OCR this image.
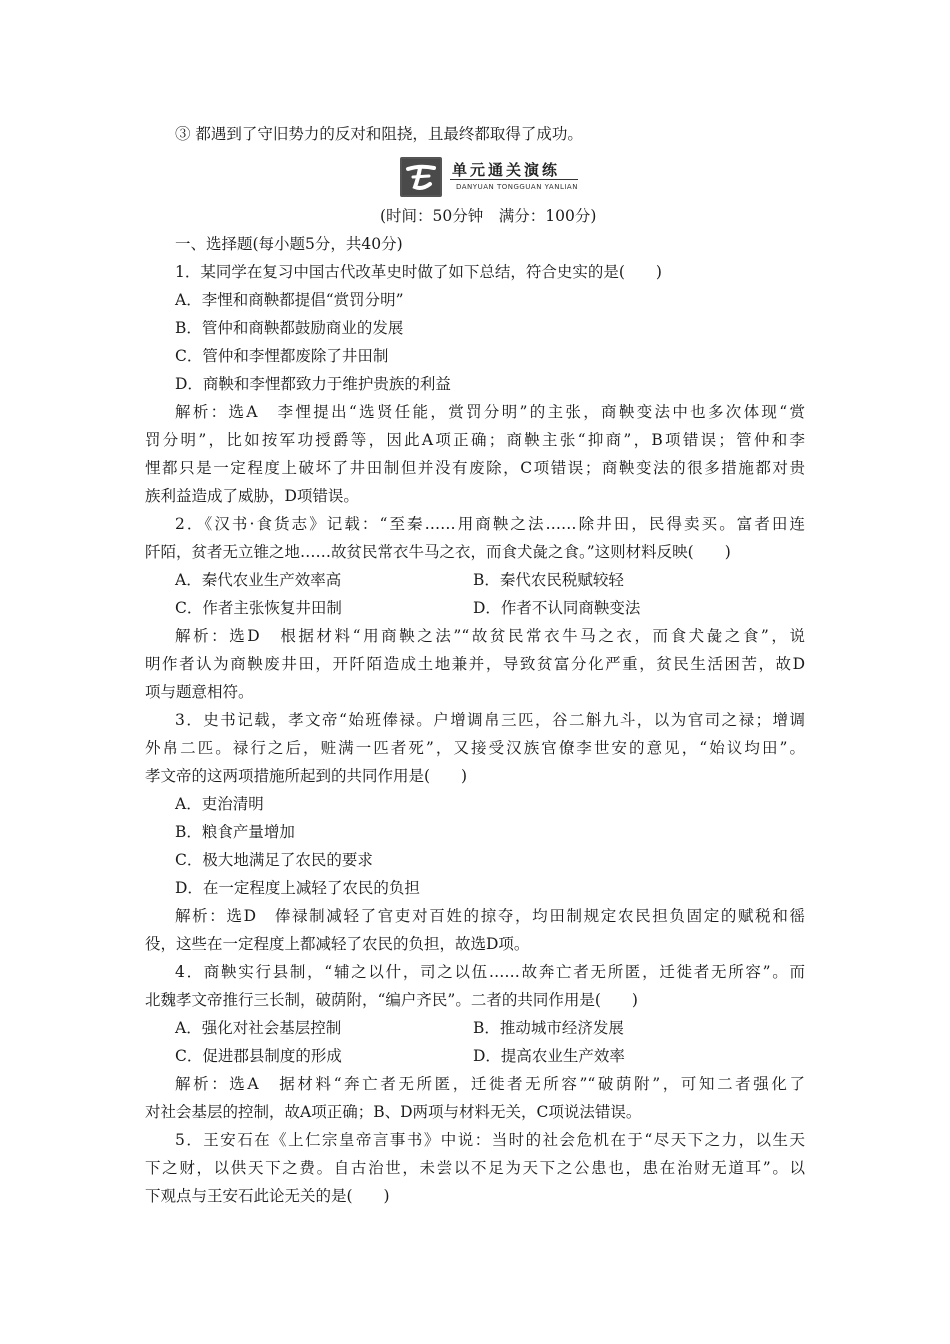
③ 都遇到了守旧势力的反对和阻挠，且最终都取得了成功。
单元通关演练
DANYUAN TONGGUAN YANLIAN
(时间：50分钟　满分：100分)
一、选择题(每小题5分，共40分)
1．某同学在复习中国古代改革史时做了如下总结，符合史实的是(　　)
A．李悝和商鞅都提倡“赏罚分明”
B．管仲和商鞅都鼓励商业的发展
C．管仲和李悝都废除了井田制
D．商鞅和李悝都致力于维护贵族的利益
解析：选A　李悝提出“选贤任能，赏罚分明”的主张，商鞅变法中也多次体现“赏
罚分明”，比如按军功授爵等，因此A项正确；商鞅主张“抑商”，B项错误；管仲和李
悝都只是一定程度上破坏了井田制但并没有废除，C项错误；商鞅变法的很多措施都对贵
族利益造成了威胁，D项错误。
2．《汉书·食货志》记载：“至秦……用商鞅之法……除井田，民得卖买。富者田连
阡陌，贫者无立锥之地……故贫民常衣牛马之衣，而食犬彘之食。”这则材料反映(　　)
A．秦代农业生产效率高	B．秦代农民税赋较轻
C．作者主张恢复井田制	D．作者不认同商鞅变法
解析：选D　根据材料“用商鞅之法”“故贫民常衣牛马之衣，而食犬彘之食”，说
明作者认为商鞅废井田，开阡陌造成土地兼并，导致贫富分化严重，贫民生活困苦，故D
项与题意相符。
3．史书记载，孝文帝“始班俸禄。户增调帛三匹，谷二斛九斗，以为官司之禄；增调
外帛二匹。禄行之后，赃满一匹者死”，又接受汉族官僚李世安的意见，“始议均田”。
孝文帝的这两项措施所起到的共同作用是(　　)
A．吏治清明
B．粮食产量增加
C．极大地满足了农民的要求
D．在一定程度上减轻了农民的负担
解析：选D　俸禄制减轻了官吏对百姓的掠夺，均田制规定农民担负固定的赋税和徭
役，这些在一定程度上都减轻了农民的负担，故选D项。
4．商鞅实行县制，“辅之以什，司之以伍……故奔亡者无所匿，迁徙者无所容”。而
北魏孝文帝推行三长制，破荫附，“编户齐民”。二者的共同作用是(　　)
A．强化对社会基层控制	B．推动城市经济发展
C．促进郡县制度的形成	D．提高农业生产效率
解析：选A　据材料“奔亡者无所匿，迁徙者无所容”“破荫附”，可知二者强化了
对社会基层的控制，故A项正确；B、D两项与材料无关，C项说法错误。
5．王安石在《上仁宗皇帝言事书》中说：当时的社会危机在于“尽天下之力，以生天
下之财，以供天下之费。自古治世，未尝以不足为天下之公患也，患在治财无道耳”。以
下观点与王安石此论无关的是(　　)
